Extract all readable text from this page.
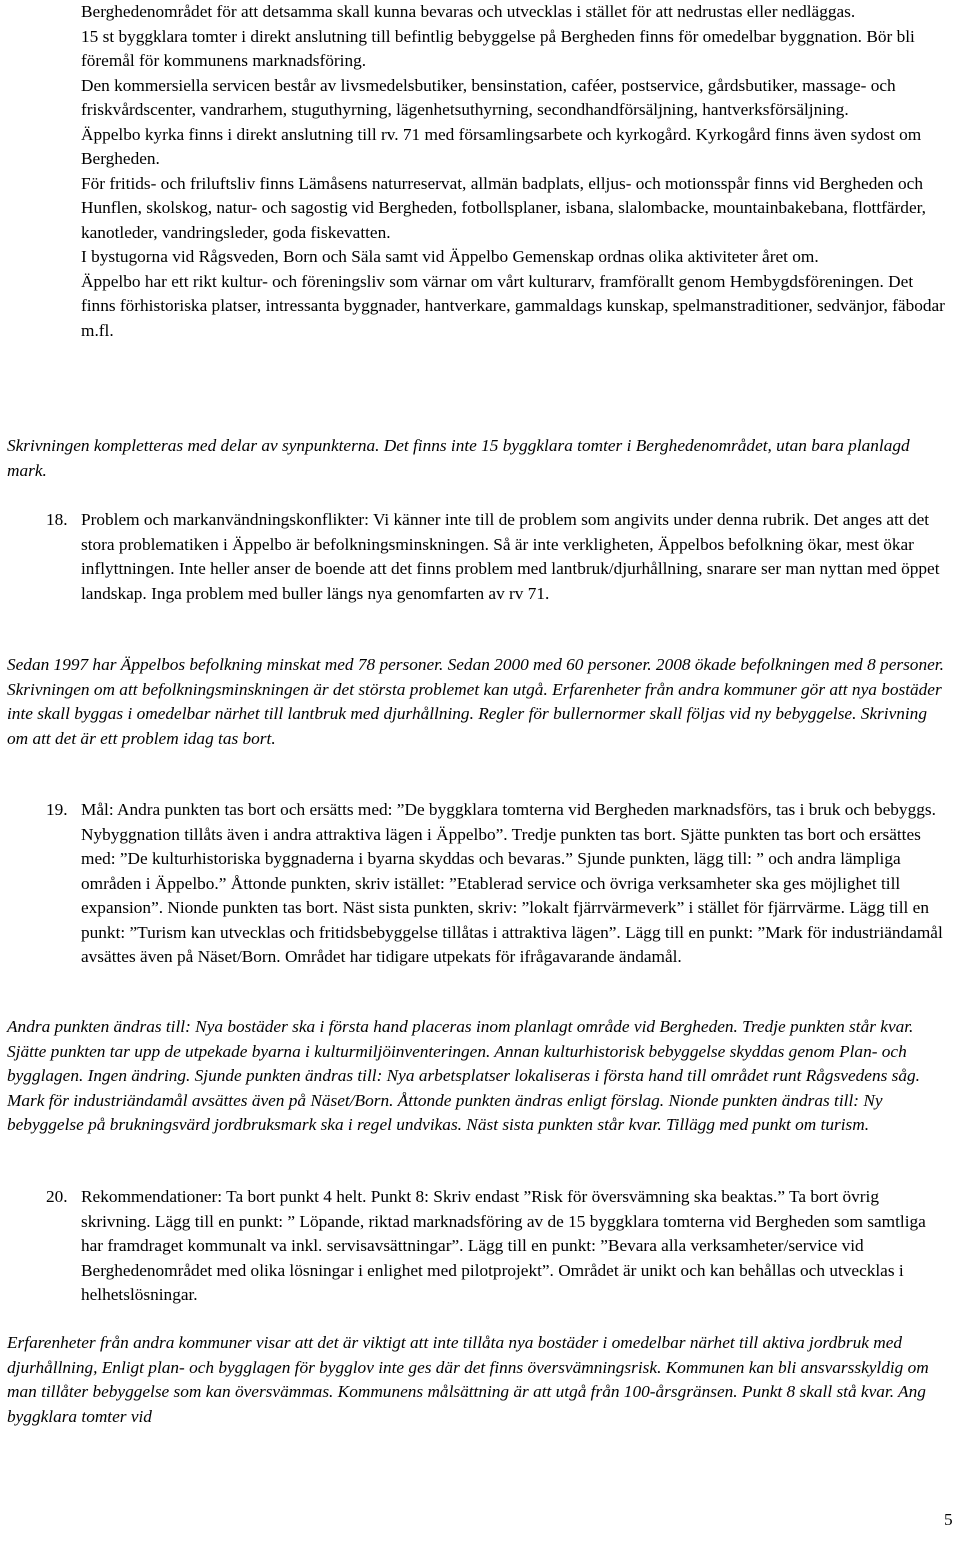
Berghedenområdet för att detsamma skall kunna bevaras och utvecklas i stället för att nedrustas eller nedläggas.

15 st byggklara tomter i direkt anslutning till befintlig bebyggelse på Bergheden finns för omedelbar byggnation. Bör bli föremål för kommunens marknadsföring.

Den kommersiella servicen består av livsmedelsbutiker, bensinstation, caféer, postservice, gårdsbutiker, massage- och friskvårdscenter, vandrarhem, stuguthyrning, lägenhetsuthyrning, secondhandförsäljning, hantverksförsäljning.

Äppelbo kyrka finns i direkt anslutning till rv. 71 med församlingsarbete och kyrkogård. Kyrkogård finns även sydost om Bergheden.

För fritids- och friluftsliv finns Lämåsens naturreservat, allmän badplats, elljus- och motionsspår finns vid Bergheden och Hunflen, skolskog, natur- och sagostig vid Bergheden, fotbollsplaner, isbana, slalombacke, mountainbakebana, flottfärder, kanotleder, vandringsleder, goda fiskevatten.

I bystugorna vid Rågsveden, Born och Säla samt vid Äppelbo Gemenskap ordnas olika aktiviteter året om.

Äppelbo har ett rikt kultur- och föreningsliv som värnar om vårt kulturarv, framförallt genom Hembygdsföreningen. Det finns förhistoriska platser, intressanta byggnader, hantverkare, gammaldags kunskap, spelmanstraditioner, sedvänjor, fäbodar m.fl.

Skrivningen kompletteras med delar av synpunkterna. Det finns inte 15 byggklara tomter i Berghedenområdet, utan bara planlagd mark.

18. Problem och markanvändningskonflikter: Vi känner inte till de problem som angivits under denna rubrik. Det anges att det stora problematiken i Äppelbo är befolkningsminskningen. Så är inte verkligheten, Äppelbos befolkning ökar, mest ökar inflyttningen. Inte heller anser de boende att det finns problem med lantbruk/djurhållning, snarare ser man nyttan med öppet landskap. Inga problem med buller längs nya genomfarten av rv 71.

Sedan 1997 har Äppelbos befolkning minskat med 78 personer. Sedan 2000 med 60 personer. 2008 ökade befolkningen med 8 personer. Skrivningen om att befolkningsminskningen är det största problemet kan utgå. Erfarenheter från andra kommuner gör att nya bostäder inte skall byggas i omedelbar närhet till lantbruk med djurhållning. Regler för bullernormer skall följas vid ny bebyggelse. Skrivning om att det är ett problem idag tas bort.

19. Mål: Andra punkten tas bort och ersätts med: ”De byggklara tomterna vid Bergheden marknadsförs, tas i bruk och bebyggs. Nybyggnation tillåts även i andra attraktiva lägen i Äppelbo”. Tredje punkten tas bort. Sjätte punkten tas bort och ersättes med: ”De kulturhistoriska byggnaderna i byarna skyddas och bevaras.” Sjunde punkten, lägg till: ” och andra lämpliga områden i Äppelbo.” Åttonde punkten, skriv istället: ”Etablerad service och övriga verksamheter ska ges möjlighet till expansion”. Nionde punkten tas bort. Näst sista punkten, skriv: ”lokalt fjärrvärmeverk” i stället för fjärrvärme. Lägg till en punkt: ”Turism kan utvecklas och fritidsbebyggelse tillåtas i attraktiva lägen”. Lägg till en punkt: ”Mark för industriändamål avsättes även på Näset/Born. Området har tidigare utpekats för ifrågavarande ändamål.

Andra punkten ändras till: Nya bostäder ska i första hand placeras inom planlagt område vid Bergheden. Tredje punkten står kvar. Sjätte punkten tar upp de utpekade byarna i kulturmiljöinventeringen. Annan kulturhistorisk bebyggelse skyddas genom Plan- och bygglagen. Ingen ändring. Sjunde punkten ändras till: Nya arbetsplatser lokaliseras i första hand till området runt Rågsvedens såg. Mark för industriändamål avsättes även på Näset/Born. Åttonde punkten ändras enligt förslag. Nionde punkten ändras till: Ny bebyggelse på brukningsvärd jordbruksmark ska i regel undvikas. Näst sista punkten står kvar. Tillägg med punkt om turism.

20. Rekommendationer: Ta bort punkt 4 helt. Punkt 8: Skriv endast ”Risk för översvämning ska beaktas.” Ta bort övrig skrivning. Lägg till en punkt: ” Löpande, riktad marknadsföring av de 15 byggklara tomterna vid Bergheden som samtliga har framdraget kommunalt va inkl. servisavsättningar”. Lägg till en punkt: ”Bevara alla verksamheter/service vid Berghedenområdet med olika lösningar i enlighet med pilotprojekt”. Området är unikt och kan behållas och utvecklas i helhetslösningar.

Erfarenheter från andra kommuner visar att det är viktigt att inte tillåta nya bostäder i omedelbar närhet till aktiva jordbruk med djurhållning, Enligt plan- och bygglagen för bygglov inte ges där det finns översvämningsrisk. Kommunen kan bli ansvarsskyldig om man tillåter bebyggelse som kan översvämmas. Kommunens målsättning är att utgå från 100-årsgränsen. Punkt 8 skall stå kvar. Ang byggklara tomter vid

5
